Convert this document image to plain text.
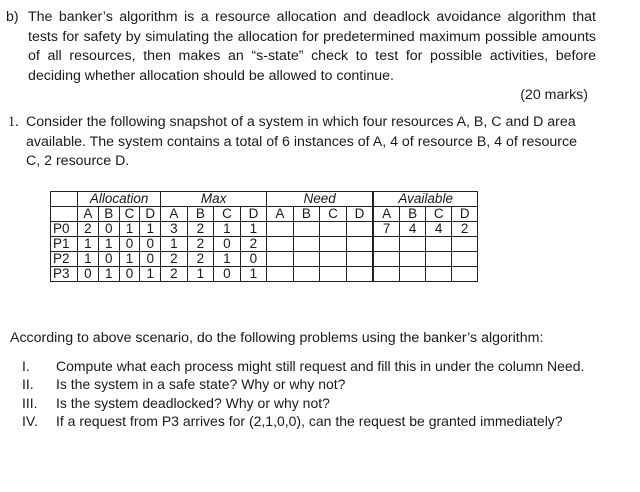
b) The banker’s algorithm is a resource allocation and deadlock avoidance algorithm that tests for safety by simulating the allocation for predetermined maximum possible amounts of all resources, then makes an “s-state” check to test for possible activities, before deciding whether allocation should be allowed to continue.
(20 marks)
1. Consider the following snapshot of a system in which four resources A, B, C and D area available. The system contains a total of 6 instances of A, 4 of resource B, 4 of resource C, 2 resource D.
	Allocation				Max				Need				Available			
	A	B	C	D	A	B	C	D	A	B	C	D	A	B	C	D
P0	2	0	1	1	3	2	1	1					7	4	4	2
P1	1	1	0	0	1	2	0	2								
P2	1	0	1	0	2	2	1	0								
P3	0	1	0	1	2	1	0	1								
According to above scenario, do the following problems using the banker’s algorithm:
I.	Compute what each process might still request and fill this in under the column Need.
II.	Is the system in a safe state? Why or why not?
III.	Is the system deadlocked? Why or why not?
IV.	If a request from P3 arrives for (2,1,0,0), can the request be granted immediately?
